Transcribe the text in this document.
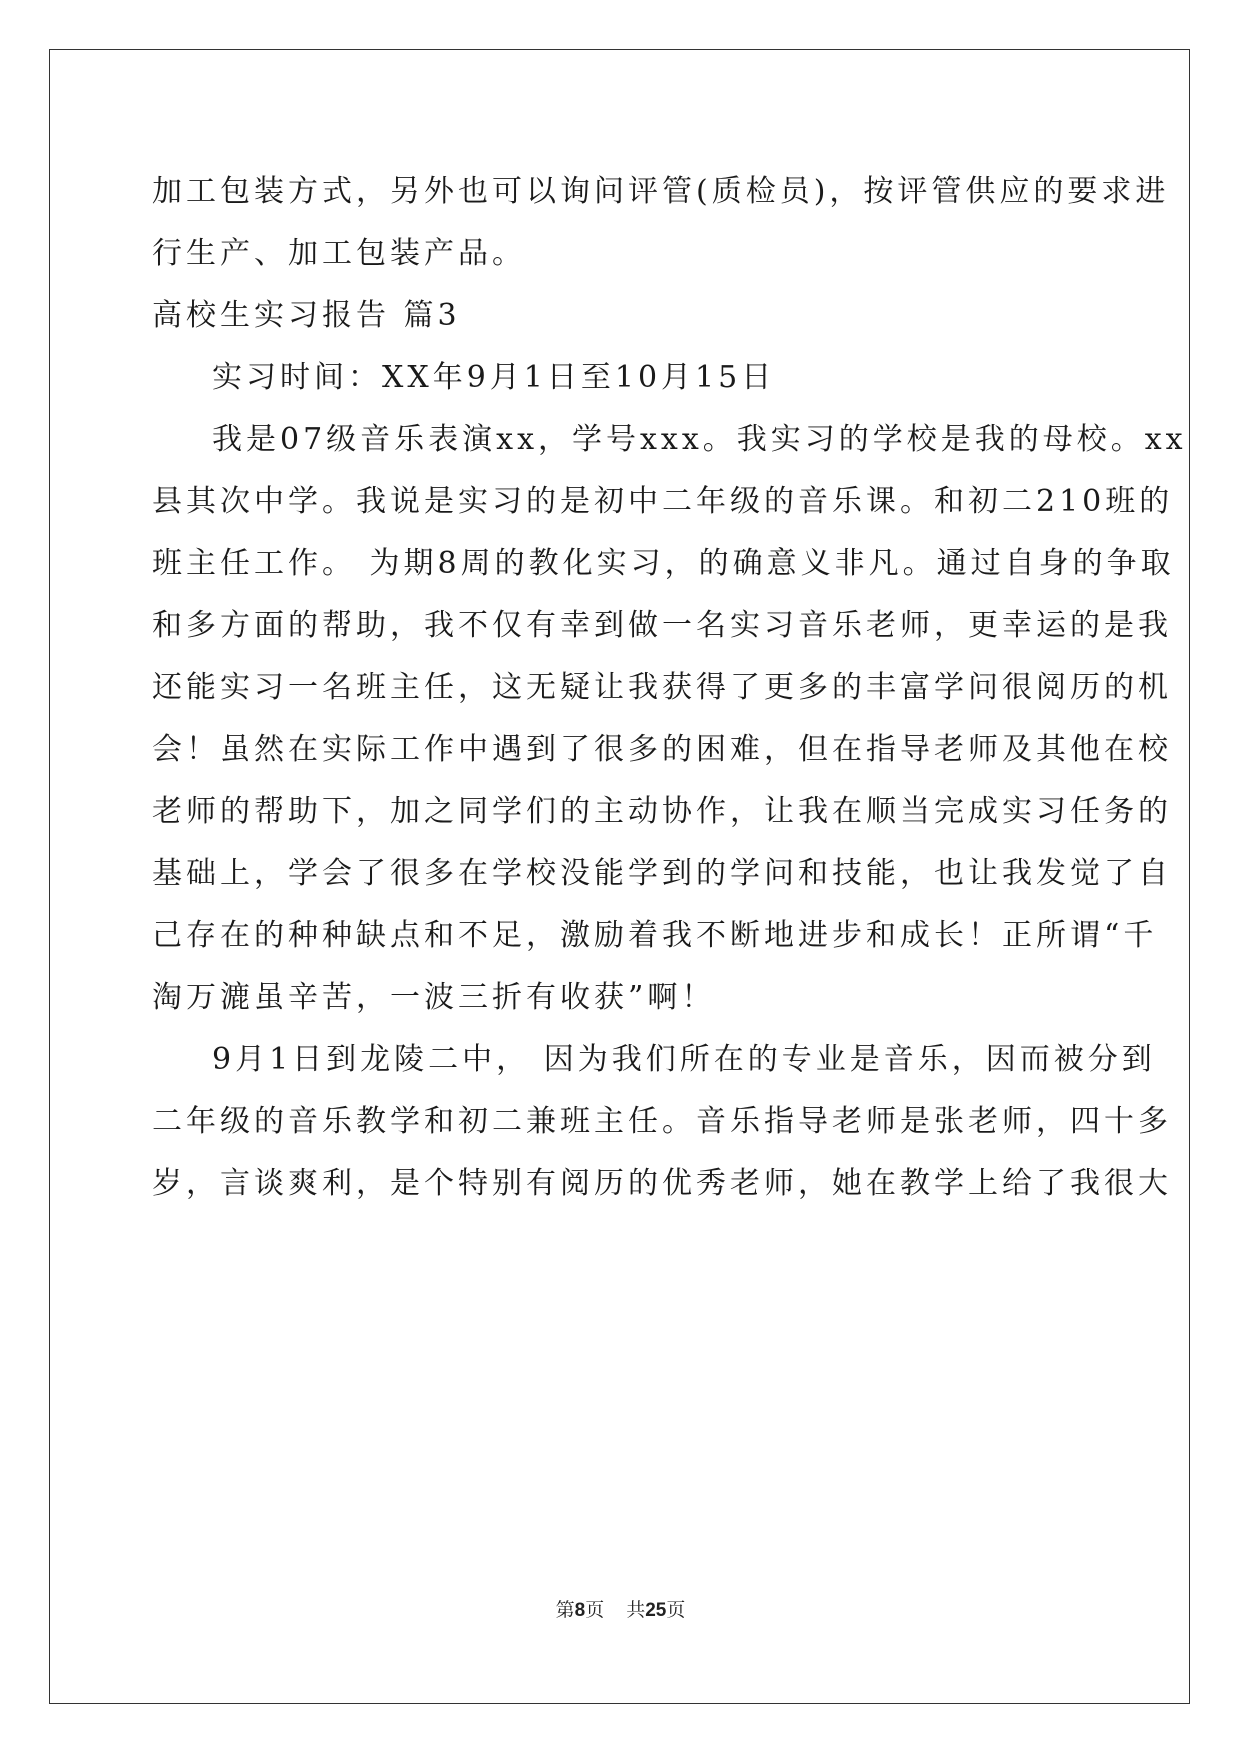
加工包装方式，另外也可以询问评管(质检员)，按评管供应的要求进
行生产、加工包装产品。
高校生实习报告 篇3
实习时间：XX年9月1日至10月15日
我是07级音乐表演xx，学号xxx。我实习的学校是我的母校。xx
县其次中学。我说是实习的是初中二年级的音乐课。和初二210班的
班主任工作。 为期8周的教化实习，的确意义非凡。通过自身的争取
和多方面的帮助，我不仅有幸到做一名实习音乐老师，更幸运的是我
还能实习一名班主任，这无疑让我获得了更多的丰富学问很阅历的机
会！虽然在实际工作中遇到了很多的困难，但在指导老师及其他在校
老师的帮助下，加之同学们的主动协作，让我在顺当完成实习任务的
基础上，学会了很多在学校没能学到的学问和技能，也让我发觉了自
己存在的种种缺点和不足，激励着我不断地进步和成长！正所谓“千
淘万漉虽辛苦，一波三折有收获”啊！
9月1日到龙陵二中， 因为我们所在的专业是音乐，因而被分到
二年级的音乐教学和初二兼班主任。音乐指导老师是张老师，四十多
岁，言谈爽利，是个特别有阅历的优秀老师，她在教学上给了我很大
第8页 共25页
